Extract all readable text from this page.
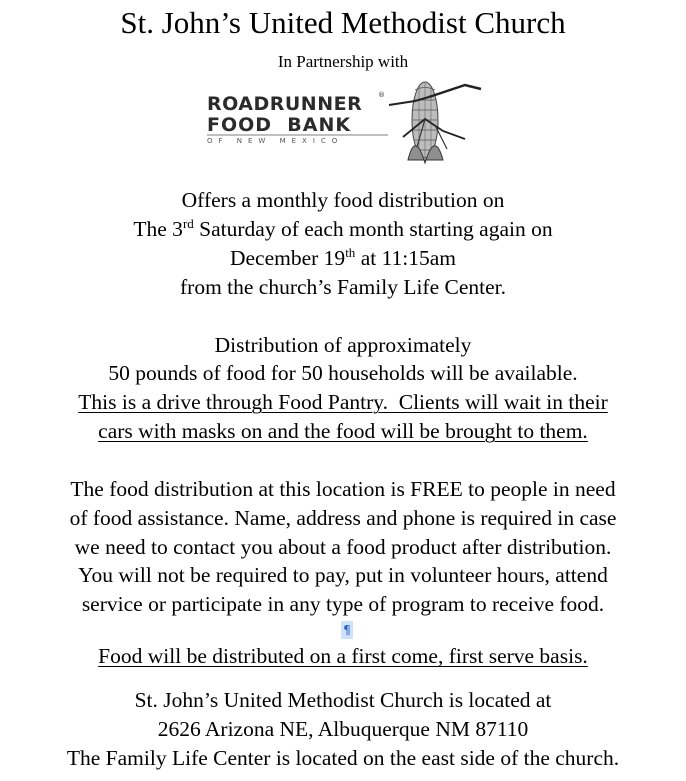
St. John’s United Methodist Church
In Partnership with
ROADRUNNER ®
FOOD  BANK
OF NEW MEXICO
Offers a monthly food distribution on
The 3rd Saturday of each month starting again on
December 19th at 11:15am
from the church’s Family Life Center.
Distribution of approximately
50 pounds of food for 50 households will be available.
This is a drive through Food Pantry.  Clients will wait in their
cars with masks on and the food will be brought to them.
The food distribution at this location is FREE to people in need
of food assistance. Name, address and phone is required in case
we need to contact you about a food product after distribution.
You will not be required to pay, put in volunteer hours, attend
service or participate in any type of program to receive food.
¶
Food will be distributed on a first come, first serve basis.
St. John’s United Methodist Church is located at
2626 Arizona NE, Albuquerque NM 87110
The Family Life Center is located on the east side of the church.
